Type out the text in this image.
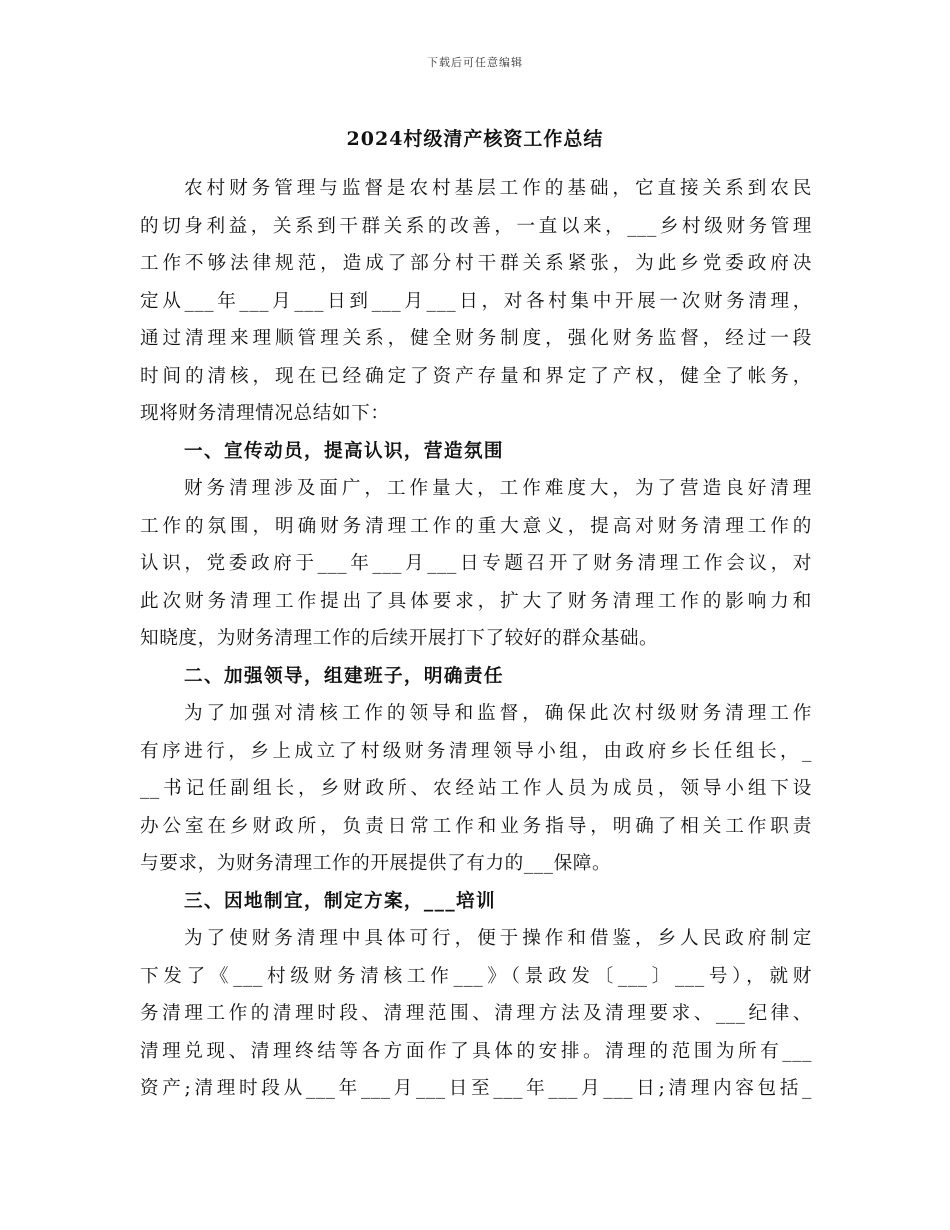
下载后可任意编辑
2024村级清产核资工作总结
农村财务管理与监督是农村基层工作的基础，它直接关系到农民
的切身利益，关系到干群关系的改善，一直以来，___乡村级财务管理
工作不够法律规范，造成了部分村干群关系紧张，为此乡党委政府决
定从___年___月___日到___月___日，对各村集中开展一次财务清理，
通过清理来理顺管理关系，健全财务制度，强化财务监督，经过一段
时间的清核，现在已经确定了资产存量和界定了产权，健全了帐务，
现将财务清理情况总结如下：
一、宣传动员，提高认识，营造氛围
财务清理涉及面广，工作量大，工作难度大，为了营造良好清理
工作的氛围，明确财务清理工作的重大意义，提高对财务清理工作的
认识，党委政府于___年___月___日专题召开了财务清理工作会议，对
此次财务清理工作提出了具体要求，扩大了财务清理工作的影响力和
知晓度，为财务清理工作的后续开展打下了较好的群众基础。
二、加强领导，组建班子，明确责任
为了加强对清核工作的领导和监督，确保此次村级财务清理工作
有序进行，乡上成立了村级财务清理领导小组，由政府乡长任组长，_
__书记任副组长，乡财政所、农经站工作人员为成员，领导小组下设
办公室在乡财政所，负责日常工作和业务指导，明确了相关工作职责
与要求，为财务清理工作的开展提供了有力的___保障。
三、因地制宜，制定方案，___培训
为了使财务清理中具体可行，便于操作和借鉴，乡人民政府制定
下发了《___村级财务清核工作___》（景政发〔___〕___号），就财
务清理工作的清理时段、清理范围、清理方法及清理要求、___纪律、
清理兑现、清理终结等各方面作了具体的安排。清理的范围为所有___
资产;清理时段从___年___月___日至___年___月___日;清理内容包括_
